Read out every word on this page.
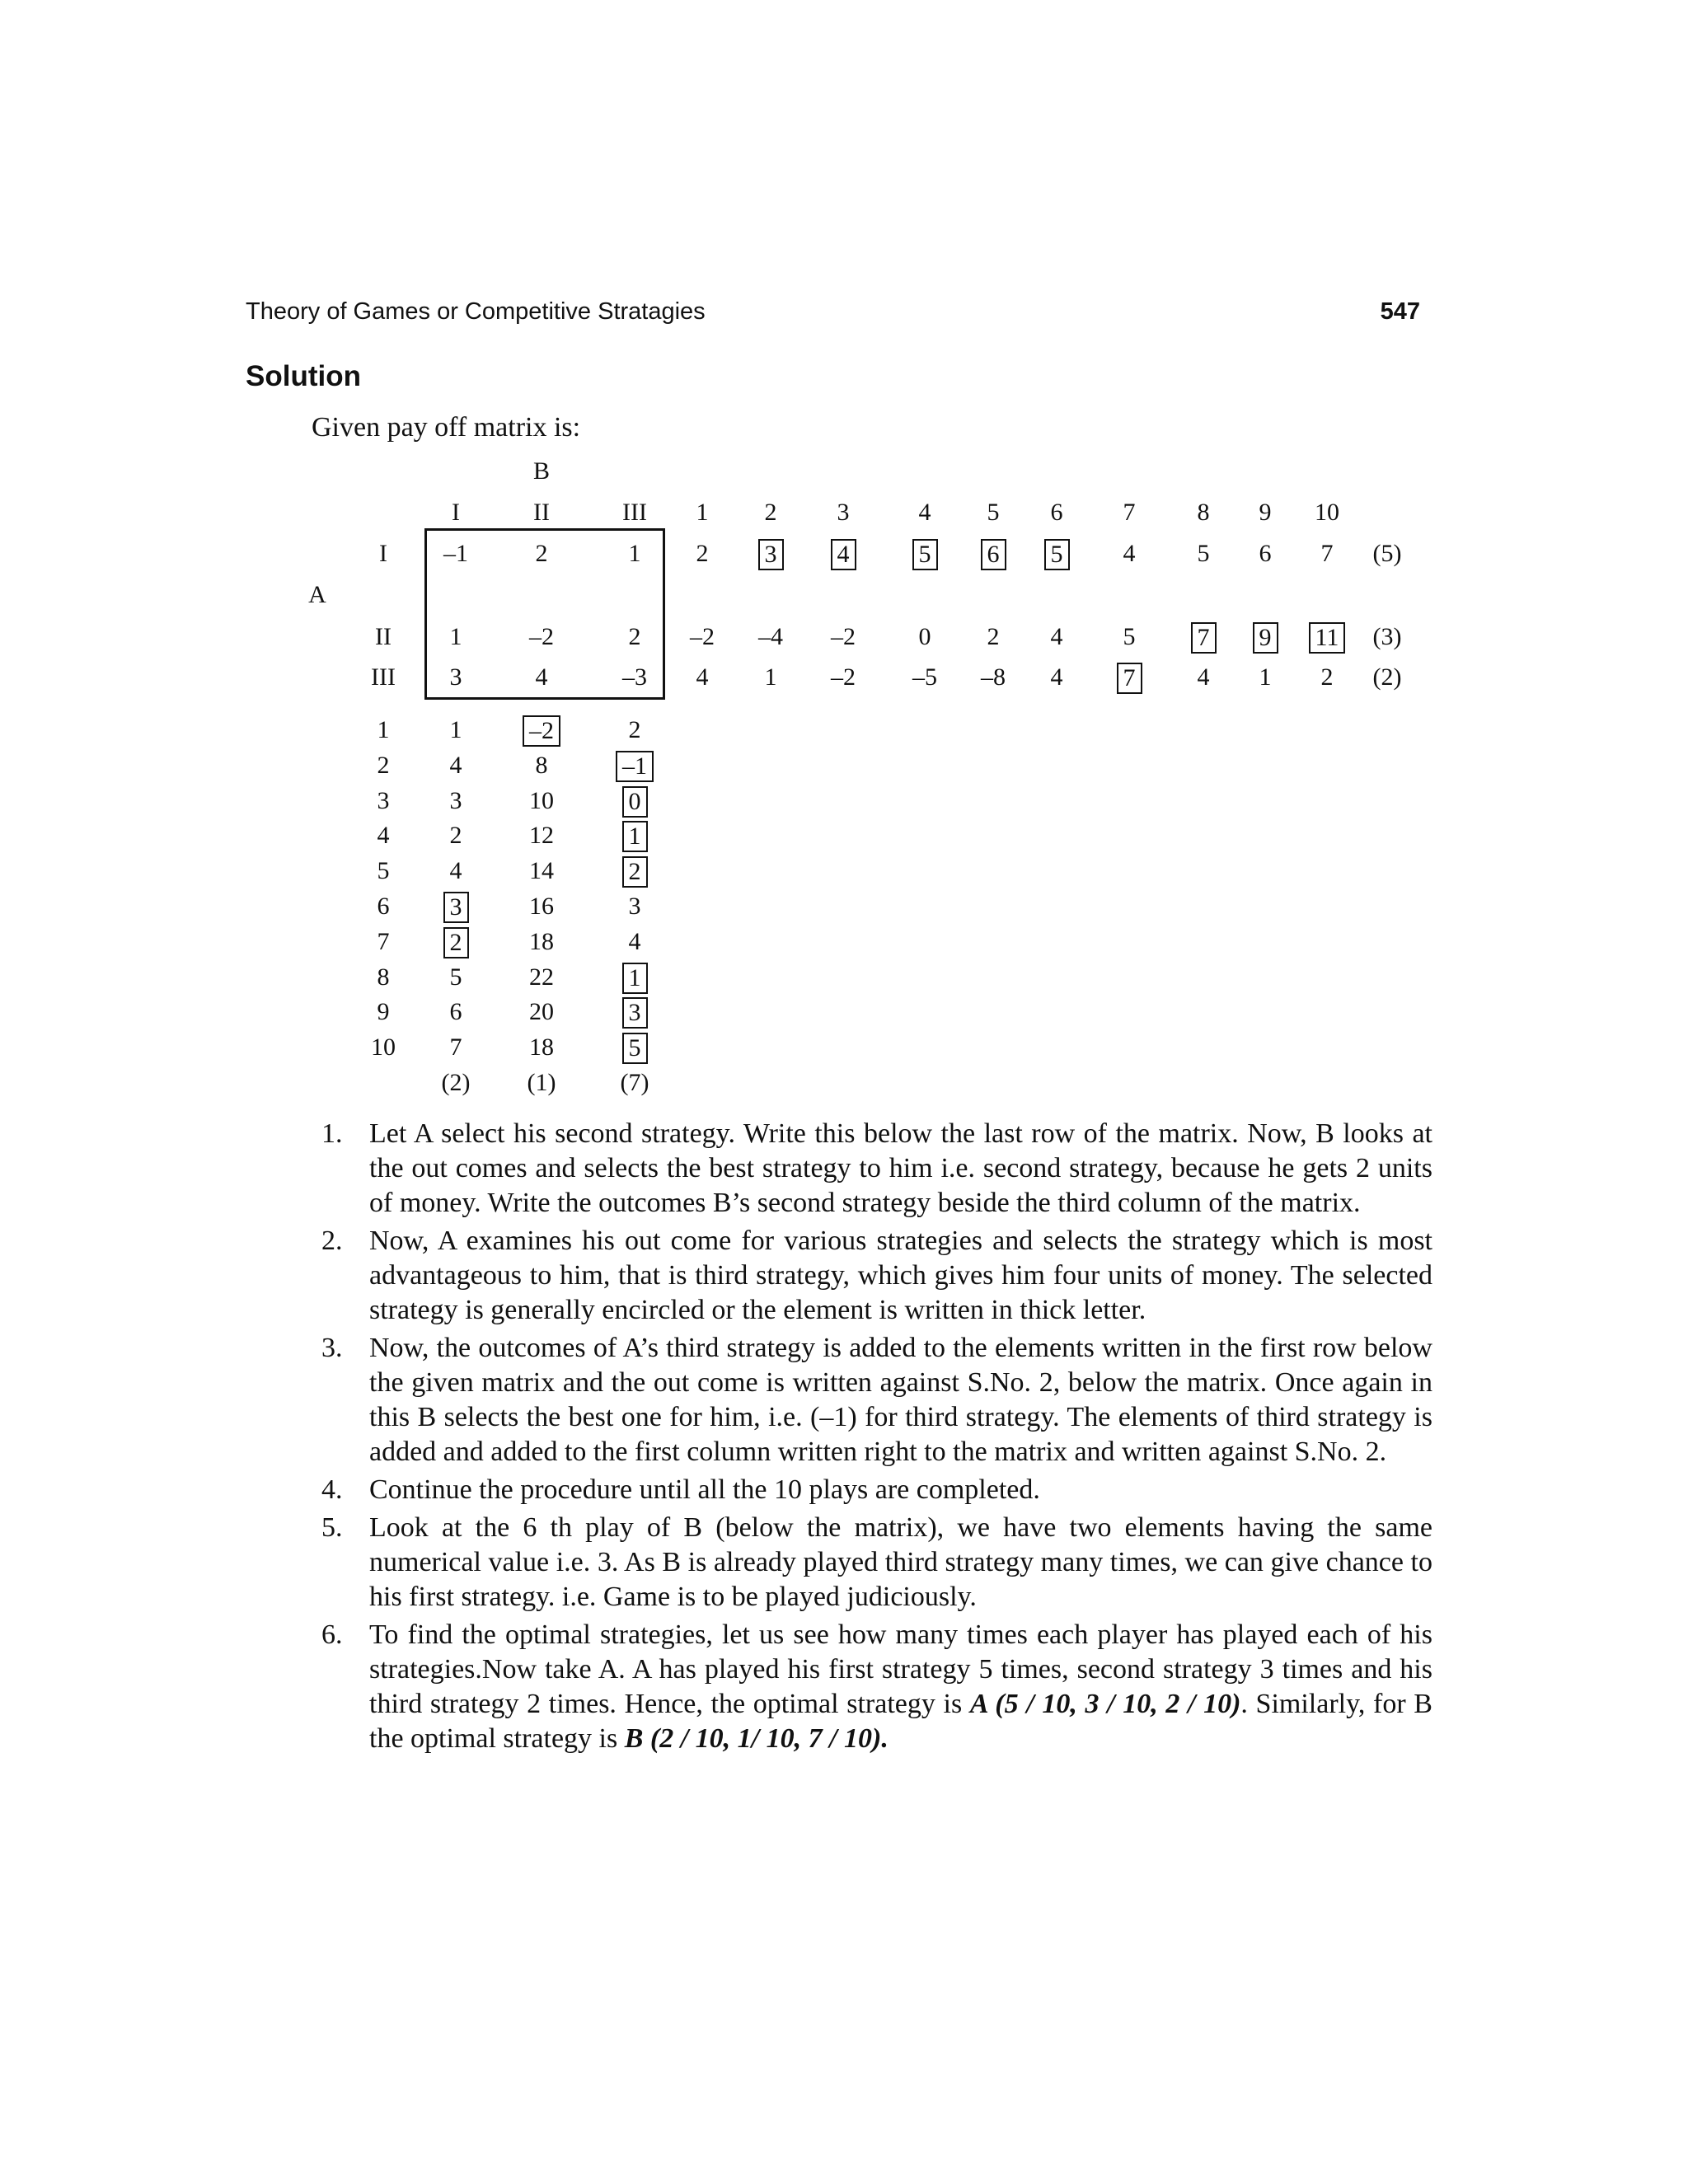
Theory of Games or Competitive Stratagies	547
Solution
Given pay off matrix is:
B
A
I	II	III	1	2	3	4	5	6	7	8	9	10
I	–1	2	1	2	3	4	5	6	5	4	5	6	7	(5)
II	1	–2	2	–2	–4	–2	0	2	4	5	7	9	11	(3)
III	3	4	–3	4	1	–2	–5	–8	4	7	4	1	2	(2)
1	1	–2	2
2	4	8	–1
3	3	10	0
4	2	12	1
5	4	14	2
6	3	16	3
7	2	18	4
8	5	22	1
9	6	20	3
10	7	18	5
(2)	(1)	(7)
1. Let A select his second strategy. Write this below the last row of the matrix. Now, B looks at the out comes and selects the best strategy to him i.e. second strategy, because he gets 2 units of money. Write the outcomes B’s second strategy beside the third column of the matrix.
2. Now, A examines his out come for various strategies and selects the strategy which is most advantageous to him, that is third strategy, which gives him four units of money. The selected strategy is generally encircled or the element is written in thick letter.
3. Now, the outcomes of A’s third strategy is added to the elements written in the first row below the given matrix and the out come is written against S.No. 2, below the matrix. Once again in this B selects the best one for him, i.e. (–1) for third strategy. The elements of third strategy is added and added to the first column written right to the matrix and written against S.No. 2.
4. Continue the procedure until all the 10 plays are completed.
5. Look at the 6 th play of B (below the matrix), we have two elements having the same numerical value i.e. 3. As B is already played third strategy many times, we can give chance to his first strategy. i.e. Game is to be played judiciously.
6. To find the optimal strategies, let us see how many times each player has played each of his strategies.Now take A. A has played his first strategy 5 times, second strategy 3 times and his third strategy 2 times. Hence, the optimal strategy is A (5 / 10, 3 / 10, 2 / 10). Similarly, for B the optimal strategy is B (2 / 10, 1/ 10, 7 / 10).
